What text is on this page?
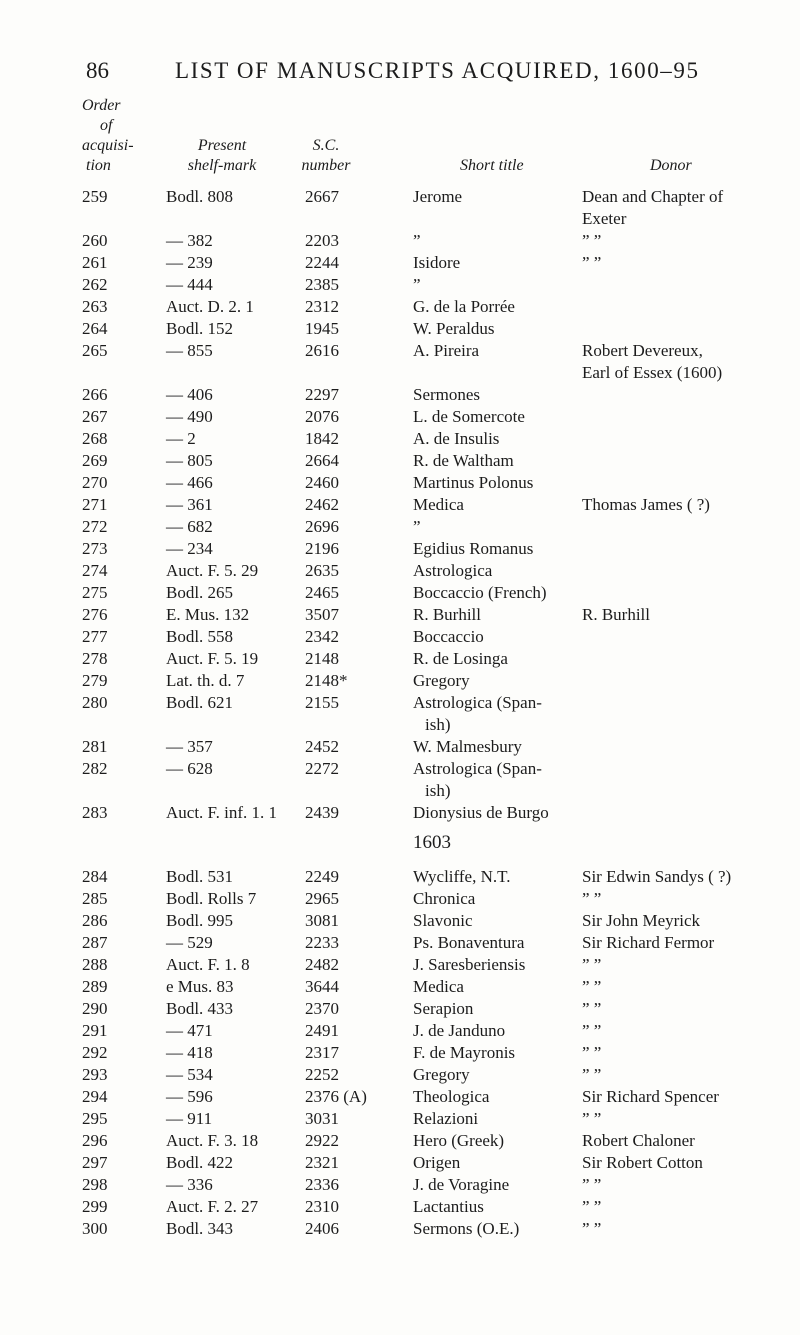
86	LIST OF MANUSCRIPTS ACQUIRED, 1600–95
Order
of
acquisi-
tion
Present
shelf-mark
S.C.
number	Short title	Donor
259	Bodl. 808	2667	Jerome	Dean and Chapter of
Exeter
260	— 382	2203	”	” ”
261	— 239	2244	Isidore	” ”
262	— 444	2385	”
263	Auct. D. 2. 1	2312	G. de la Porrée
264	Bodl. 152	1945	W. Peraldus
265	— 855	2616	A. Pireira	Robert Devereux,
Earl of Essex (1600)
266	— 406	2297	Sermones
267	— 490	2076	L. de Somercote
268	— 2	1842	A. de Insulis
269	— 805	2664	R. de Waltham
270	— 466	2460	Martinus Polonus
271	— 361	2462	Medica	Thomas James ( ?)
272	— 682	2696	”
273	— 234	2196	Egidius Romanus
274	Auct. F. 5. 29	2635	Astrologica
275	Bodl. 265	2465	Boccaccio (French)
276	E. Mus. 132	3507	R. Burhill	R. Burhill
277	Bodl. 558	2342	Boccaccio
278	Auct. F. 5. 19	2148	R. de Losinga
279	Lat. th. d. 7	2148*	Gregory
280	Bodl. 621	2155	Astrologica (Span-
ish)
281	— 357	2452	W. Malmesbury
282	— 628	2272	Astrologica (Span-
ish)
283	Auct. F. inf. 1. 1 2439	Dionysius de Burgo
1603
284	Bodl. 531	2249	Wycliffe, N.T.	Sir Edwin Sandys ( ?)
285	Bodl. Rolls 7	2965	Chronica	” ”
286	Bodl. 995	3081	Slavonic	Sir John Meyrick
287	— 529	2233	Ps. Bonaventura	Sir Richard Fermor
288	Auct. F. 1. 8	2482	J. Saresberiensis	” ”
289	e Mus. 83	3644	Medica	” ”
290	Bodl. 433	2370	Serapion	” ”
291	— 471	2491	J. de Janduno	” ”
292	— 418	2317	F. de Mayronis	” ”
293	— 534	2252	Gregory	” ”
294	— 596	2376 (A)	Theologica	Sir Richard Spencer
295	— 911	3031	Relazioni	” ”
296	Auct. F. 3. 18	2922	Hero (Greek)	Robert Chaloner
297	Bodl. 422	2321	Origen	Sir Robert Cotton
298	— 336	2336	J. de Voragine	” ”
299	Auct. F. 2. 27	2310	Lactantius	” ”
300	Bodl. 343	2406	Sermons (O.E.)	” ”
